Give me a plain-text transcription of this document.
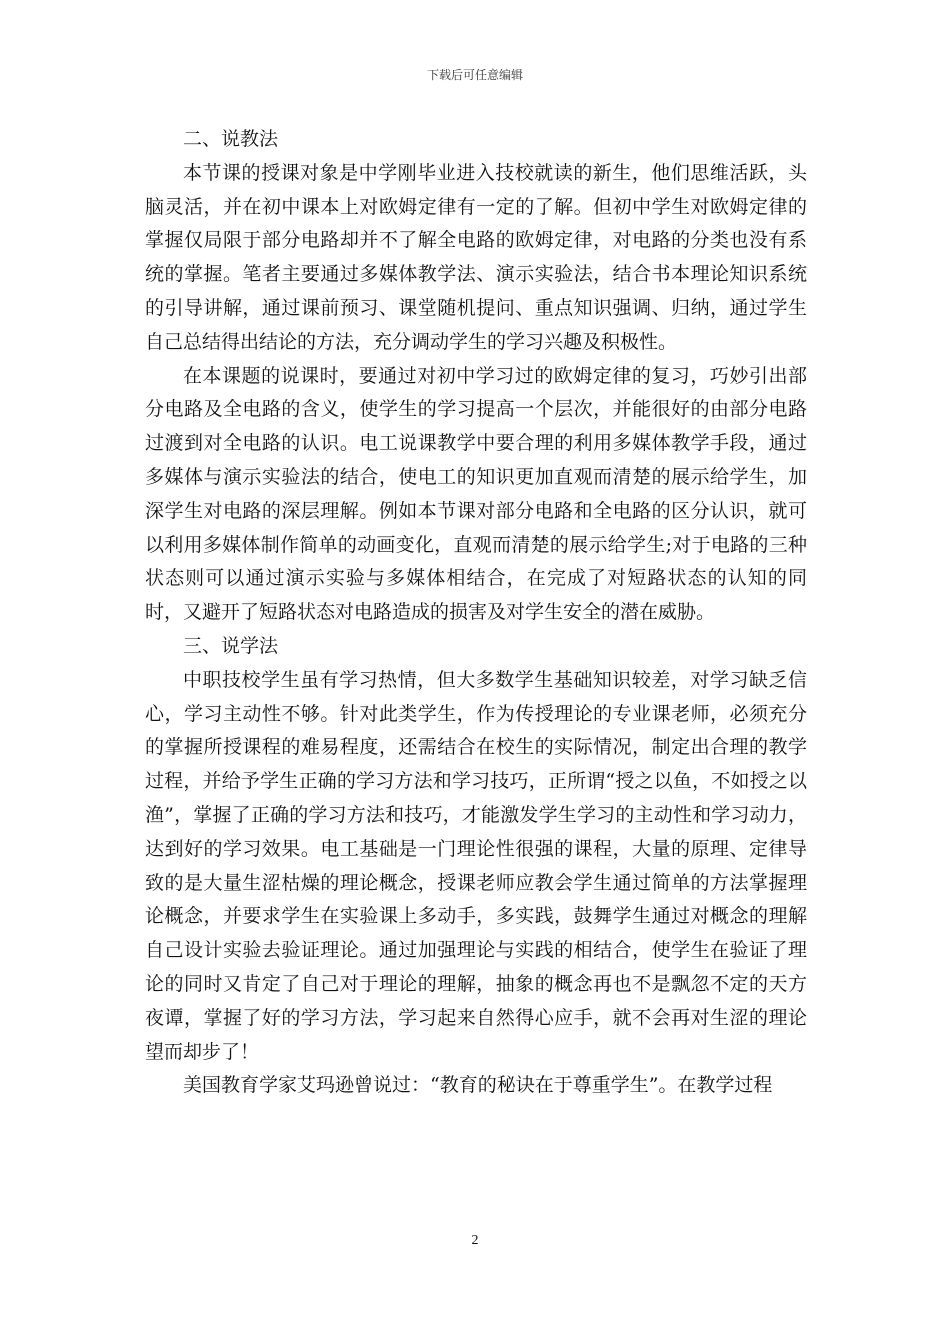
下载后可任意编辑
二、说教法

本节课的授课对象是中学刚毕业进入技校就读的新生，他们思维活跃，头脑灵活，并在初中课本上对欧姆定律有一定的了解。但初中学生对欧姆定律的掌握仅局限于部分电路却并不了解全电路的欧姆定律，对电路的分类也没有系统的掌握。笔者主要通过多媒体教学法、演示实验法，结合书本理论知识系统的引导讲解，通过课前预习、课堂随机提问、重点知识强调、归纳，通过学生自己总结得出结论的方法，充分调动学生的学习兴趣及积极性。

在本课题的说课时，要通过对初中学习过的欧姆定律的复习，巧妙引出部分电路及全电路的含义，使学生的学习提高一个层次，并能很好的由部分电路过渡到对全电路的认识。电工说课教学中要合理的利用多媒体教学手段，通过多媒体与演示实验法的结合，使电工的知识更加直观而清楚的展示给学生，加深学生对电路的深层理解。例如本节课对部分电路和全电路的区分认识，就可以利用多媒体制作简单的动画变化，直观而清楚的展示给学生;对于电路的三种状态则可以通过演示实验与多媒体相结合，在完成了对短路状态的认知的同时，又避开了短路状态对电路造成的损害及对学生安全的潜在威胁。

三、说学法

中职技校学生虽有学习热情，但大多数学生基础知识较差，对学习缺乏信心，学习主动性不够。针对此类学生，作为传授理论的专业课老师，必须充分的掌握所授课程的难易程度，还需结合在校生的实际情况，制定出合理的教学过程，并给予学生正确的学习方法和学习技巧，正所谓“授之以鱼，不如授之以渔”，掌握了正确的学习方法和技巧，才能激发学生学习的主动性和学习动力，达到好的学习效果。电工基础是一门理论性很强的课程，大量的原理、定律导致的是大量生涩枯燥的理论概念，授课老师应教会学生通过简单的方法掌握理论概念，并要求学生在实验课上多动手，多实践，鼓舞学生通过对概念的理解自己设计实验去验证理论。通过加强理论与实践的相结合，使学生在验证了理论的同时又肯定了自己对于理论的理解，抽象的概念再也不是飘忽不定的天方夜谭，掌握了好的学习方法，学习起来自然得心应手，就不会再对生涩的理论望而却步了！

美国教育学家艾玛逊曾说过：“教育的秘诀在于尊重学生”。在教学过程

2
